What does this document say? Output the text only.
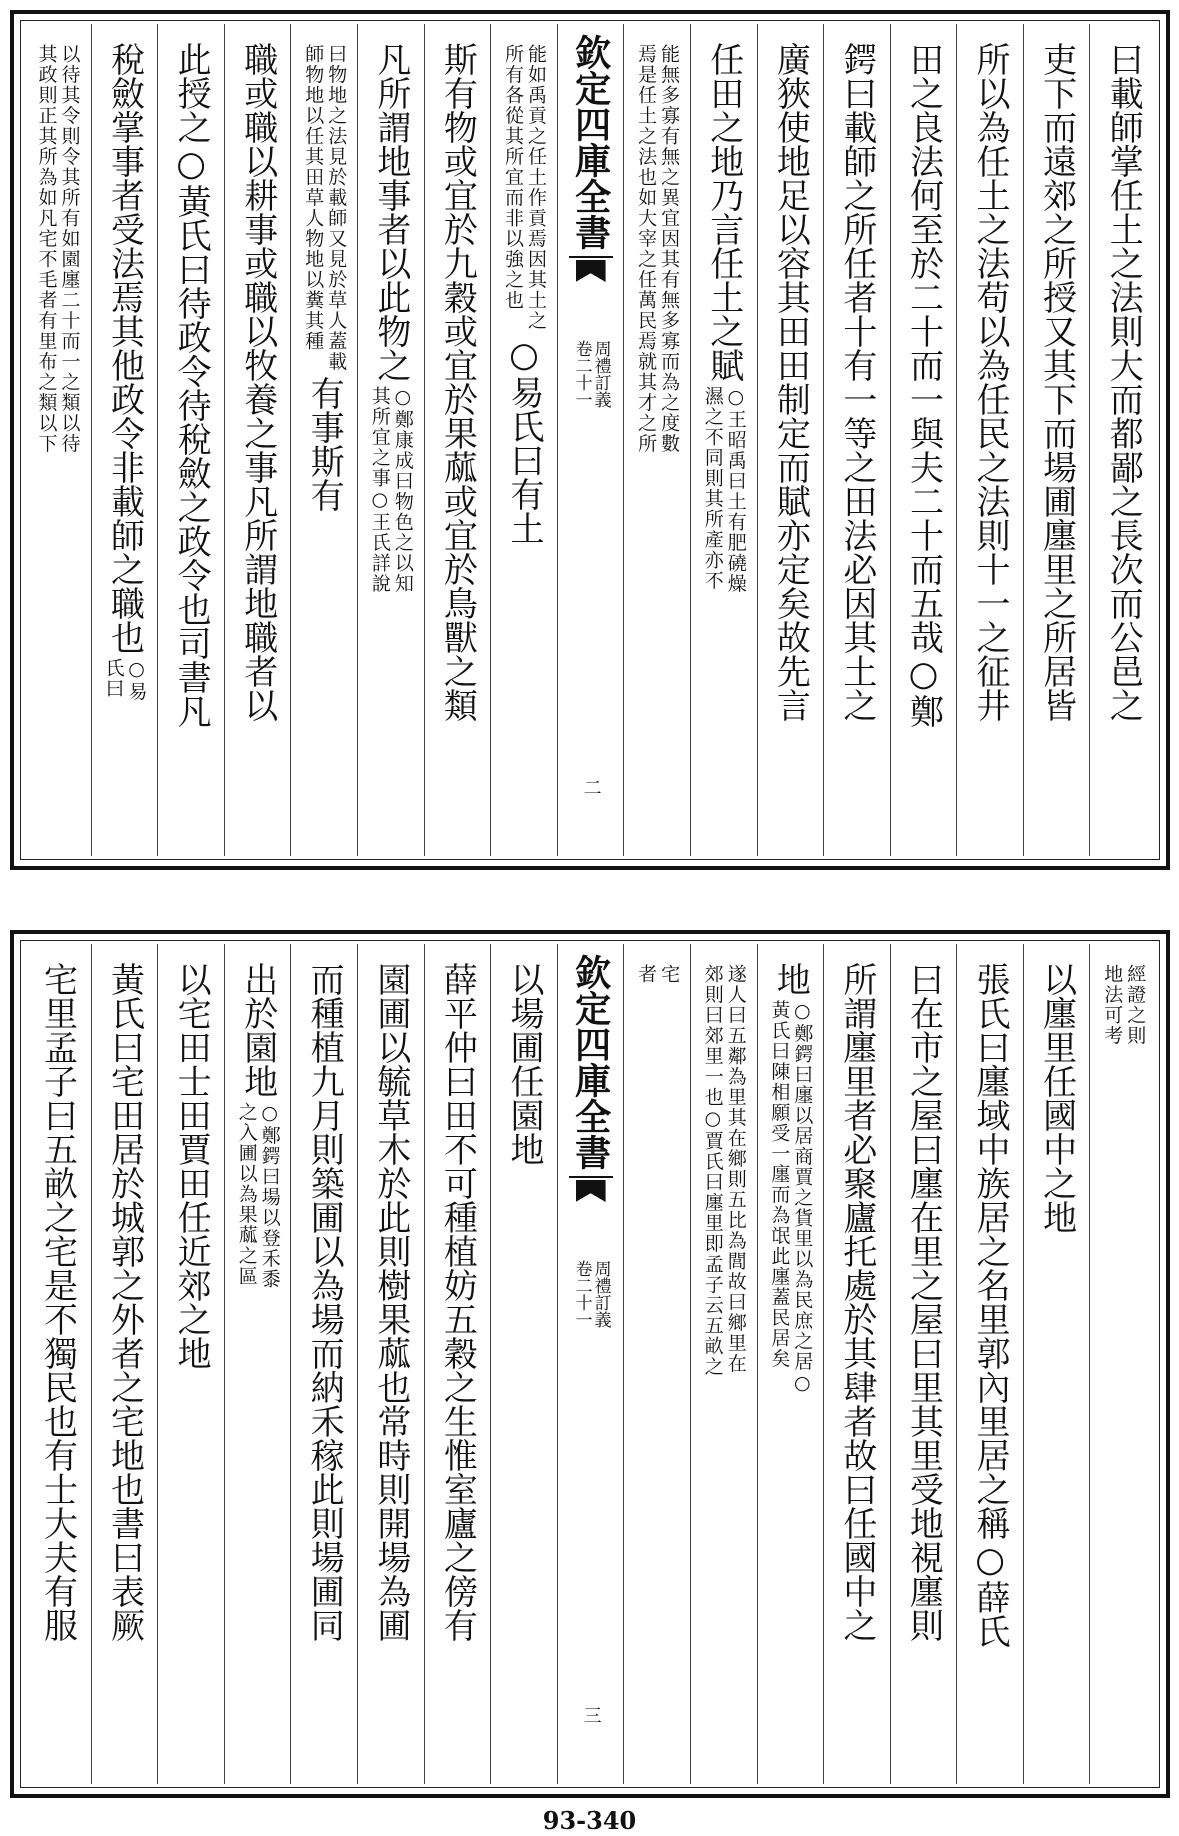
曰載師掌任土之法則大而都鄙之長次而公邑之
吏下而遠郊之所授又其下而場圃廛里之所居皆
所以為任土之法苟以為任民之法則十一之征井
田之良法何至於二十而一與夫二十而五哉○鄭
鍔曰載師之所任者十有一等之田法必因其土之
廣狹使地足以容其田田制定而賦亦定矣故先言
任田之地乃言任土之賦
○王昭禹曰土有肥磽燥
濕之不同則其所產亦不
能無多寡有無之異宜因其有無多寡而為之度數
焉是任土之法也如大宰之任萬民焉就其才之所
欽定四庫全書
周禮訂義
卷二十一
二
能如禹貢之任土作貢焉因其土之
所有各從其所宜而非以強之也
○易氏曰有土
斯有物或宜於九穀或宜於果蓏或宜於鳥獸之類
凡所謂地事者以此物之
○鄭康成曰物色之以知
其所宜之事○王氏詳說
曰物地之法見於載師又見於草人蓋載
師物地以任其田草人物地以糞其種
有事斯有
職或職以耕事或職以牧養之事凡所謂地職者以
此授之○黃氏曰待政令待稅斂之政令也司書凡
稅斂掌事者受法焉其他政令非載師之職也
○易
氏曰
以待其令則令其所有如園廛二十而一之類以待
其政則正其所為如凡宅不毛者有里布之類以下
經證之則
地法可考
以廛里任國中之地
張氏曰廛域中族居之名里郭內里居之稱○薛氏
曰在市之屋曰廛在里之屋曰里其里受地視廛則
所謂廛里者必聚廬托處於其肆者故曰任國中之
地
○鄭鍔曰廛以居商賈之貨里以為民庶之居○
黃氏曰陳相願受一廛而為氓此廛蓋民居矣
遂人曰五鄰為里其在鄉則五比為閭故曰鄉里在
郊則曰郊里一也○賈氏曰廛里即孟子云五畝之
宅
者
欽定四庫全書
周禮訂義
卷二十一
三
以場圃任園地
薛平仲曰田不可種植妨五穀之生惟室廬之傍有
園圃以毓草木於此則樹果蓏也常時則開場為圃
而種植九月則築圃以為場而納禾稼此則場圃同
出於園地
○鄭鍔曰場以登禾黍
之入圃以為果蓏之區
以宅田士田賈田任近郊之地
黃氏曰宅田居於城郭之外者之宅地也書曰表厥
宅里孟子曰五畝之宅是不獨民也有士大夫有服
93-340
